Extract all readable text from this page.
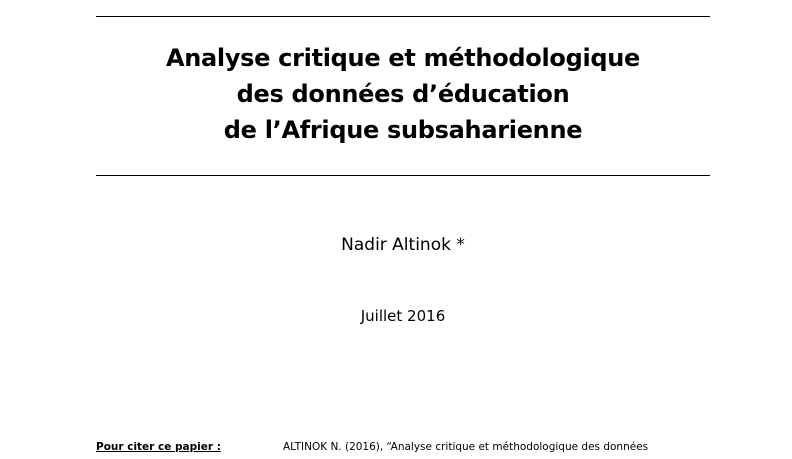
Analyse critique et méthodologique
des données d’éducation
de l’Afrique subsaharienne
Nadir Altinok *
Juillet 2016
Pour citer ce papier :	ALTINOK N. (2016), “Analyse critique et méthodologique des données
